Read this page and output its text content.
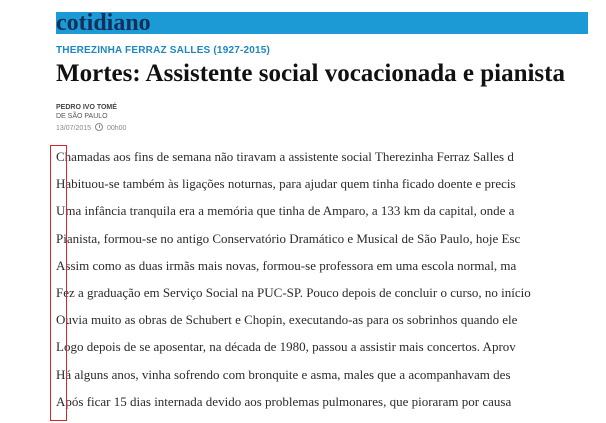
cotidiano
THEREZINHA FERRAZ SALLES (1927-2015)
Mortes: Assistente social vocacionada e pianista
PEDRO IVO TOMÉ
DE SÃO PAULO
13/07/2015 00h00

Chamadas aos fins de semana não tiravam a assistente social Therezinha Ferraz Salles d

Habituou-se também às ligações noturnas, para ajudar quem tinha ficado doente e precis

Uma infância tranquila era a memória que tinha de Amparo, a 133 km da capital, onde a

Pianista, formou-se no antigo Conservatório Dramático e Musical de São Paulo, hoje Esc

Assim como as duas irmãs mais novas, formou-se professora em uma escola normal, ma

Fez a graduação em Serviço Social na PUC-SP. Pouco depois de concluir o curso, no início

Ouvia muito as obras de Schubert e Chopin, executando-as para os sobrinhos quando ele

Logo depois de se aposentar, na década de 1980, passou a assistir mais concertos. Aprov

Há alguns anos, vinha sofrendo com bronquite e asma, males que a acompanhavam des

Após ficar 15 dias internada devido aos problemas pulmonares, que pioraram por causa
